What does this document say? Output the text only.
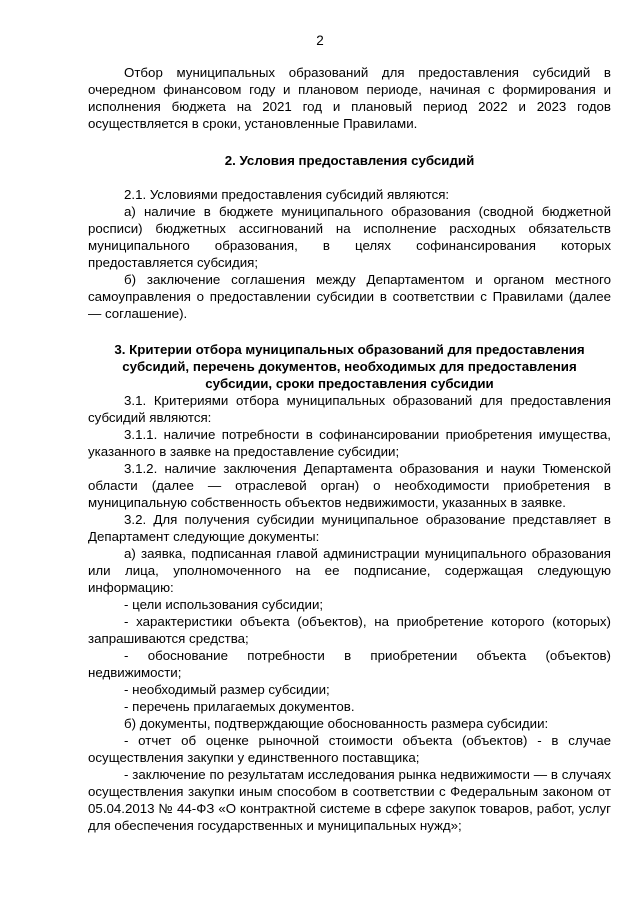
2

Отбор муниципальных образований для предоставления субсидий в очередном финансовом году и плановом периоде, начиная с формирования и исполнения бюджета на 2021 год и плановый период 2022 и 2023 годов осуществляется в сроки, установленные Правилами.

2. Условия предоставления субсидий

2.1. Условиями предоставления субсидий являются:

а) наличие в бюджете муниципального образования (сводной бюджетной росписи) бюджетных ассигнований на исполнение расходных обязательств муниципального образования, в целях софинансирования которых предоставляется субсидия;

б) заключение соглашения между Департаментом и органом местного самоуправления о предоставлении субсидии в соответствии с Правилами (далее — соглашение).

3. Критерии отбора муниципальных образований для предоставления субсидий, перечень документов, необходимых для предоставления субсидии, сроки предоставления субсидии

3.1. Критериями отбора муниципальных образований для предоставления субсидий являются:

3.1.1. наличие потребности в софинансировании приобретения имущества, указанного в заявке на предоставление субсидии;

3.1.2. наличие заключения Департамента образования и науки Тюменской области (далее — отраслевой орган) о необходимости приобретения в муниципальную собственность объектов недвижимости, указанных в заявке.

3.2. Для получения субсидии муниципальное образование представляет в Департамент следующие документы:

а) заявка, подписанная главой администрации муниципального образования или лица, уполномоченного на ее подписание, содержащая следующую информацию:

- цели использования субсидии;

- характеристики объекта (объектов), на приобретение которого (которых) запрашиваются средства;

- обоснование потребности в приобретении объекта (объектов) недвижимости;

- необходимый размер субсидии;

- перечень прилагаемых документов.

б) документы, подтверждающие обоснованность размера субсидии:

- отчет об оценке рыночной стоимости объекта (объектов) - в случае осуществления закупки у единственного поставщика;

- заключение по результатам исследования рынка недвижимости — в случаях осуществления закупки иным способом в соответствии с Федеральным законом от 05.04.2013 № 44-ФЗ «О контрактной системе в сфере закупок товаров, работ, услуг для обеспечения государственных и муниципальных нужд»;
